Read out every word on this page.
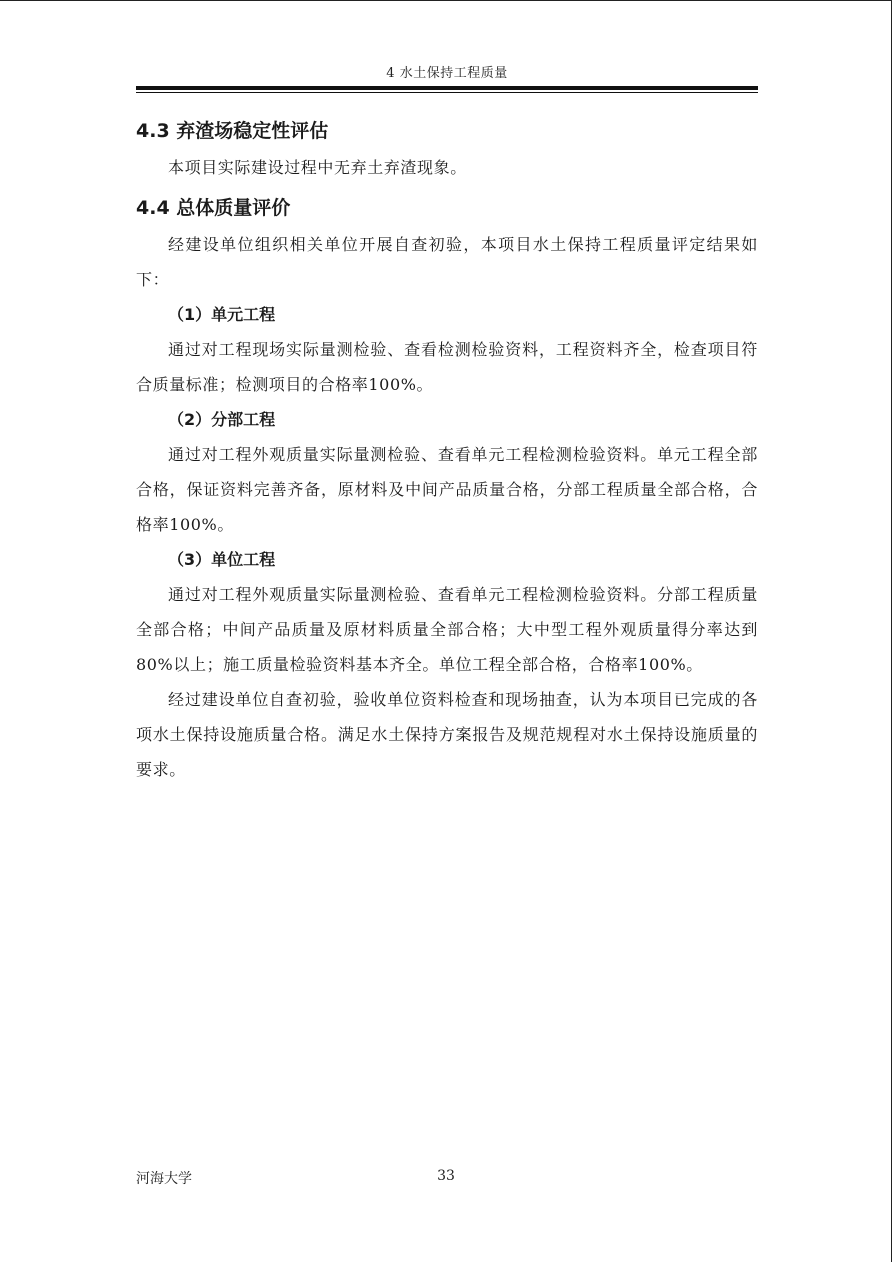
4 水土保持工程质量
4.3 弃渣场稳定性评估

本项目实际建设过程中无弃土弃渣现象。

4.4 总体质量评价

经建设单位组织相关单位开展自查初验，本项目水土保持工程质量评定结果如下：

（1）单元工程

通过对工程现场实际量测检验、查看检测检验资料，工程资料齐全，检查项目符合质量标准；检测项目的合格率100%。

（2）分部工程

通过对工程外观质量实际量测检验、查看单元工程检测检验资料。单元工程全部合格，保证资料完善齐备，原材料及中间产品质量合格，分部工程质量全部合格，合格率100%。

（3）单位工程

通过对工程外观质量实际量测检验、查看单元工程检测检验资料。分部工程质量全部合格；中间产品质量及原材料质量全部合格；大中型工程外观质量得分率达到80%以上；施工质量检验资料基本齐全。单位工程全部合格，合格率100%。

经过建设单位自查初验，验收单位资料检查和现场抽查，认为本项目已完成的各项水土保持设施质量合格。满足水土保持方案报告及规范规程对水土保持设施质量的要求。

河海大学	33
